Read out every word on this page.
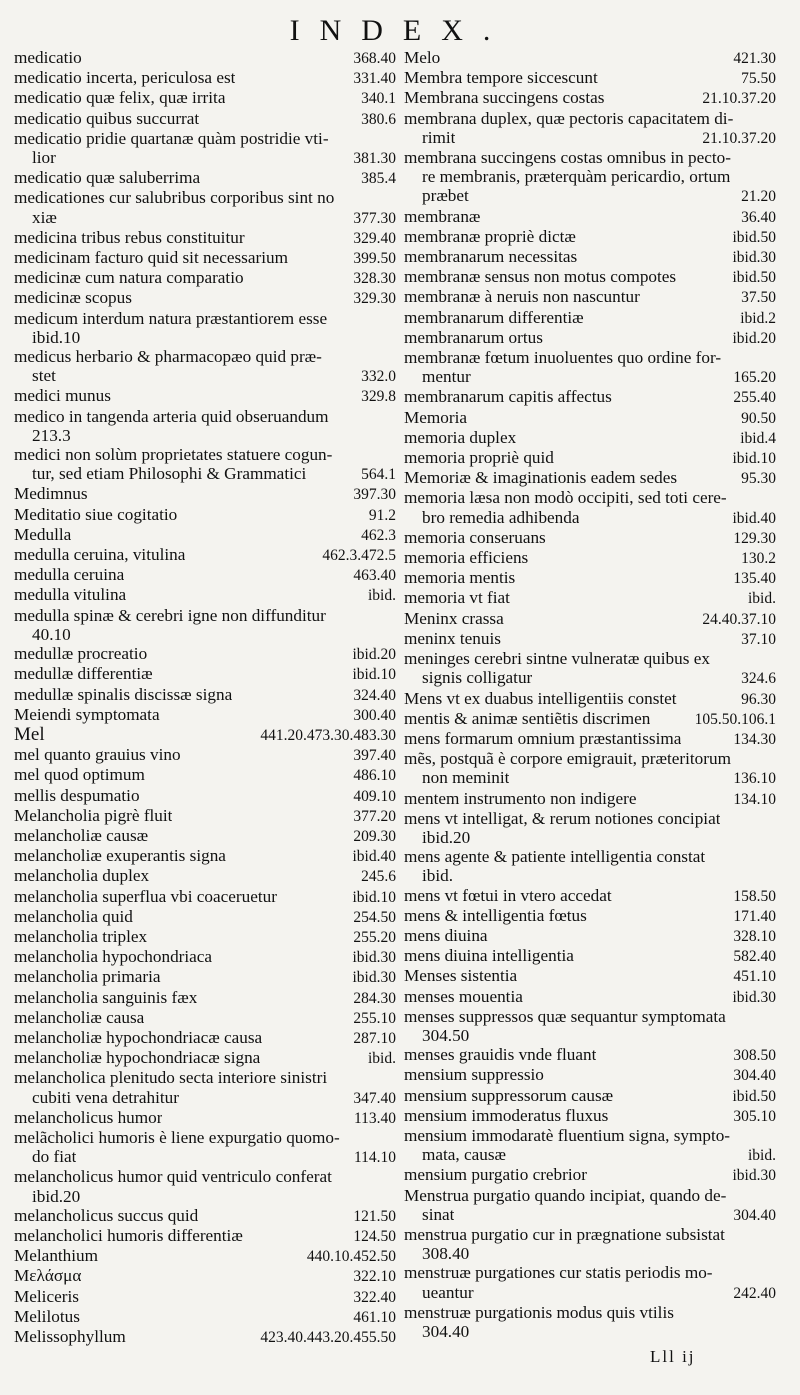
INDEX.
medicatio	368.40
medicatio incerta, periculosa est	331.40
medicatio quæ felix, quæ irrita	340.1
medicatio quibus succurrat	380.6
medicatio pridie quartanæ quàm postridie vti-
lior	381.30
medicatio quæ saluberrima	385.4
medicationes cur salubribus corporibus sint no
xiæ	377.30
medicina tribus rebus constituitur	329.40
medicinam facturo quid sit necessarium	399.50
medicinæ cum natura comparatio	328.30
medicinæ scopus	329.30
medicum interdum natura præstantiorem esse
ibid.10
medicus herbario & pharmacopæo quid præ-
stet	332.0
medici munus	329.8
medico in tangenda arteria quid obseruandum
213.3
medici non solùm proprietates statuere cogun-
tur, sed etiam Philosophi & Grammatici	564.1
Medimnus	397.30
Meditatio siue cogitatio	91.2
Medulla	462.3
medulla ceruina, vitulina	462.3.472.5
medulla ceruina	463.40
medulla vitulina	ibid.
medulla spinæ & cerebri igne non diffunditur
40.10
medullæ procreatio	ibid.20
medullæ differentiæ	ibid.10
medullæ spinalis discissæ signa	324.40
Meiendi symptomata	300.40
Mel	441.20.473.30.483.30
mel quanto grauius vino	397.40
mel quod optimum	486.10
mellis despumatio	409.10
Melancholia pigrè fluit	377.20
melancholiæ causæ	209.30
melancholiæ exuperantis signa	ibid.40
melancholia duplex	245.6
melancholia superflua vbi coaceruetur	ibid.10
melancholia quid	254.50
melancholia triplex	255.20
melancholia hypochondriaca	ibid.30
melancholia primaria	ibid.30
melancholia sanguinis fæx	284.30
melancholiæ causa	255.10
melancholiæ hypochondriacæ causa	287.10
melancholiæ hypochondriacæ signa	ibid.
melancholica plenitudo secta interiore sinistri
cubiti vena detrahitur	347.40
melancholicus humor	113.40
melãcholici humoris è liene expurgatio quomo-
do fiat	114.10
melancholicus humor quid ventriculo conferat
ibid.20
melancholicus succus quid	121.50
melancholici humoris differentiæ	124.50
Melanthium	440.10.452.50
Μελάσμα	322.10
Meliceris	322.40
Melilotus	461.10
Melissophyllum	423.40.443.20.455.50
Melo	421.30
Membra tempore siccescunt	75.50
Membrana succingens costas	21.10.37.20
membrana duplex, quæ pectoris capacitatem di-
rimit	21.10.37.20
membrana succingens costas omnibus in pecto-
re membranis, præterquàm pericardio, ortum
præbet	21.20
membranæ	36.40
membranæ propriè dictæ	ibid.50
membranarum necessitas	ibid.30
membranæ sensus non motus compotes	ibid.50
membranæ à neruis non nascuntur	37.50
membranarum differentiæ	ibid.2
membranarum ortus	ibid.20
membranæ fœtum inuoluentes quo ordine for-
mentur	165.20
membranarum capitis affectus	255.40
Memoria	90.50
memoria duplex	ibid.4
memoria propriè quid	ibid.10
Memoriæ & imaginationis eadem sedes	95.30
memoria læsa non modò occipiti, sed toti cere-
bro remedia adhibenda	ibid.40
memoria conseruans	129.30
memoria efficiens	130.2
memoria mentis	135.40
memoria vt fiat	ibid.
Meninx crassa	24.40.37.10
meninx tenuis	37.10
meninges cerebri sintne vulneratæ quibus ex
signis colligatur	324.6
Mens vt ex duabus intelligentiis constet	96.30
mentis & animæ sentiẽtis discrimen	105.50.106.1
mens formarum omnium præstantissima	134.30
mẽs, postquã è corpore emigrauit, præteritorum
non meminit	136.10
mentem instrumento non indigere	134.10
mens vt intelligat, & rerum notiones concipiat
ibid.20
mens agente & patiente intelligentia constat
ibid.
mens vt fœtui in vtero accedat	158.50
mens & intelligentia fœtus	171.40
mens diuina	328.10
mens diuina intelligentia	582.40
Menses sistentia	451.10
menses mouentia	ibid.30
menses suppressos quæ sequantur symptomata
304.50
menses grauidis vnde fluant	308.50
mensium suppressio	304.40
mensium suppressorum causæ	ibid.50
mensium immoderatus fluxus	305.10
mensium immodaratè fluentium signa, sympto-
mata, causæ	ibid.
mensium purgatio crebrior	ibid.30
Menstrua purgatio quando incipiat, quando de-
sinat	304.40
menstrua purgatio cur in prægnatione subsistat
308.40
menstruæ purgationes cur statis periodis mo-
ueantur	242.40
menstruæ purgationis modus quis vtilis
304.40
Lll ij
